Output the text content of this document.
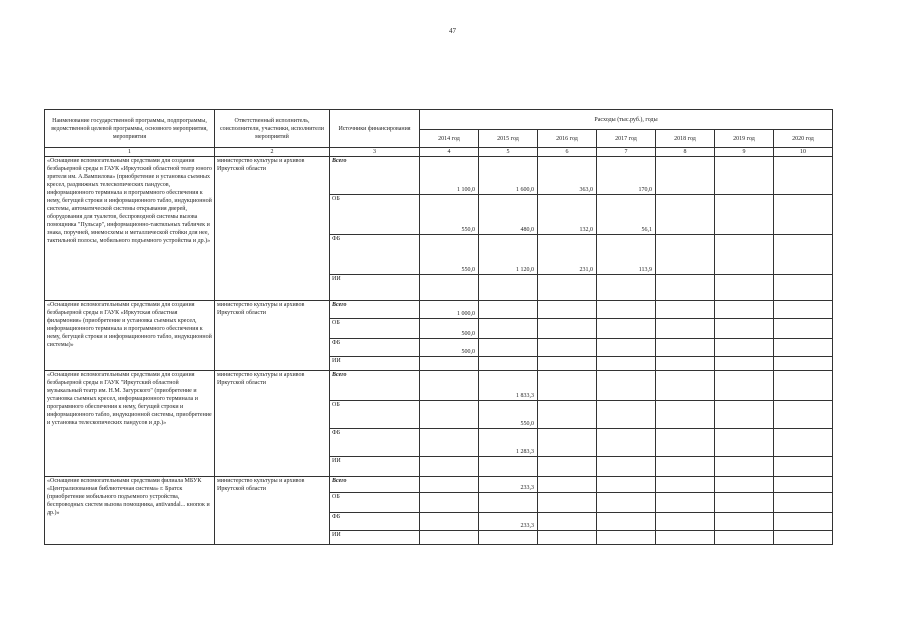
47
Наименование государственной программы, подпрограммы, ведомственной целевой программы, основного мероприятия, мероприятия	Ответственный исполнитель, соисполнители, участники, исполнители мероприятий	Источники финансирования	Расходы (тыс.руб.), годы						
			2014 год	2015 год	2016 год	2017 год	2018 год	2019 год	2020 год
1	2	3	4	5	6	7	8	9	10
«Оснащение вспомогательными средствами для создания безбарьерной среды в ГАУК «Иркутский областной театр юного зрителя им. А.Вампилова» (приобретение и установка съемных кресел, раздвижных телескопических пандусов, информационного терминала и программного обеспечения к нему, бегущей строки и информационного табло, индукционной системы, автоматической системы открывания дверей, оборудования для туалетов, беспроводной системы вызова помощника "Пульсар", информационно-тактильных табличек и знака, поручней, мнемосхемы и металлической стойки для нее, тактильной полосы, мобильного подъемного устройства и др.)»	министерство культуры и архивов Иркутской области	Всего	1 100,0	1 600,0	363,0	170,0			
		ОБ	550,0	480,0	132,0	56,1			
		ФБ	550,0	1 120,0	231,0	113,9			
		ИИ							
«Оснащение вспомогательными средствами для создания безбарьерной среды в ГАУК «Иркутская областная филармония» (приобретение и установка съемных кресел, информационного терминала и программного обеспечения к нему, бегущей строки и информационного табло, индукционной системы)»	министерство культуры и архивов Иркутской области	Всего	1 000,0						
		ОБ	500,0						
		ФБ	500,0						
		ИИ							
«Оснащение вспомогательными средствами для создания безбарьерной среды в ГАУК "Иркутский областной музыкальный театр им. Н.М. Загурского" (приобретение и установка съемных кресел, информационного терминала и программного обеспечения к нему, бегущей строки и информационного табло, индукционной системы, приобретение и установка телескопических пандусов и др.)»	министерство культуры и архивов Иркутской области	Всего		1 833,3					
		ОБ		550,0					
		ФБ		1 283,3					
		ИИ							
«Оснащение вспомогательными средствами филиала МБУК «Централизованная библиотечная система» г. Братск (приобретение мобильного подъемного устройства, беспроводных систем вызова помощника, antivandal... кнопок и др.)»	министерство культуры и архивов Иркутской области	Всего		233,3					
		ОБ							
		ФБ		233,3					
		ИИ							
